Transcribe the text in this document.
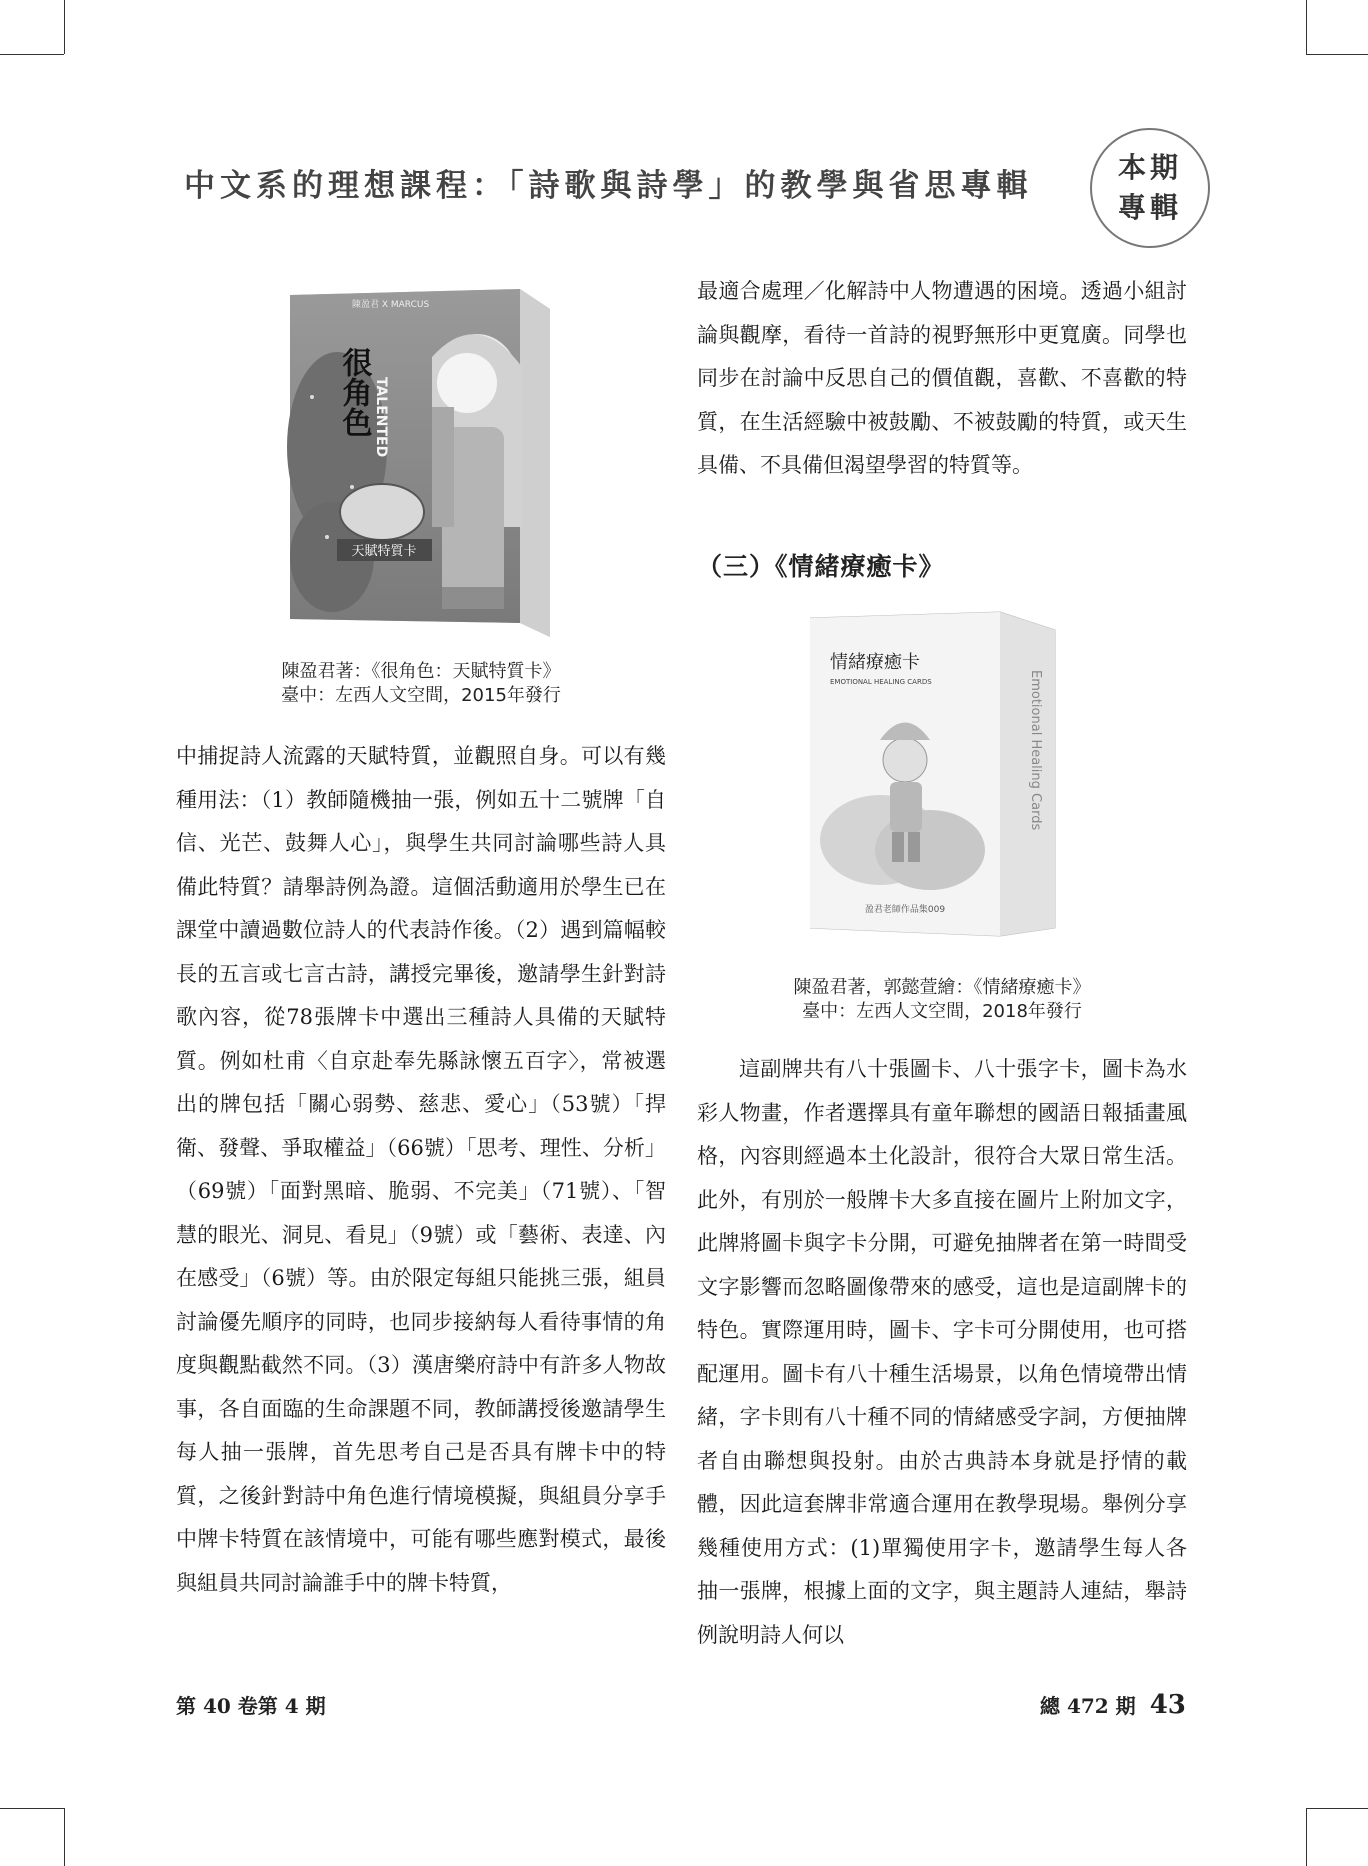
中文系的理想課程：「詩歌與詩學」的教學與省思專輯
本期
專輯
TALENTED
很角色
陳盈君 X MARCUS
天賦特質卡
陳盈君著：《很角色：天賦特質卡》
臺中：左西人文空間，2015年發行

中捕捉詩人流露的天賦特質，並觀照自身。可以有幾種用法：（1）教師隨機抽一張，例如五十二號牌「自信、光芒、鼓舞人心」，與學生共同討論哪些詩人具備此特質？請舉詩例為證。這個活動適用於學生已在課堂中讀過數位詩人的代表詩作後。（2）遇到篇幅較長的五言或七言古詩，講授完畢後，邀請學生針對詩歌內容，從78張牌卡中選出三種詩人具備的天賦特質。例如杜甫〈自京赴奉先縣詠懷五百字〉，常被選出的牌包括「關心弱勢、慈悲、愛心」（53號）「捍衛、發聲、爭取權益」（66號）「思考、理性、分析」（69號）「面對黑暗、脆弱、不完美」（71號）、「智慧的眼光、洞見、看見」（9號）或「藝術、表達、內在感受」（6號）等。由於限定每組只能挑三張，組員討論優先順序的同時，也同步接納每人看待事情的角度與觀點截然不同。（3）漢唐樂府詩中有許多人物故事，各自面臨的生命課題不同，教師講授後邀請學生每人抽一張牌，首先思考自己是否具有牌卡中的特質，之後針對詩中角色進行情境模擬，與組員分享手中牌卡特質在該情境中，可能有哪些應對模式，最後與組員共同討論誰手中的牌卡特質，

最適合處理／化解詩中人物遭遇的困境。透過小組討論與觀摩，看待一首詩的視野無形中更寬廣。同學也同步在討論中反思自己的價值觀，喜歡、不喜歡的特質，在生活經驗中被鼓勵、不被鼓勵的特質，或天生具備、不具備但渴望學習的特質等。

（三）《情緒療癒卡》
情緒療癒卡
EMOTIONAL HEALING CARDS
盈君老師作品集009
Emotional Healing Cards
陳盈君著，郭懿萱繪：《情緒療癒卡》
臺中：左西人文空間，2018年發行

這副牌共有八十張圖卡、八十張字卡，圖卡為水彩人物畫，作者選擇具有童年聯想的國語日報插畫風格，內容則經過本土化設計，很符合大眾日常生活。此外，有別於一般牌卡大多直接在圖片上附加文字，此牌將圖卡與字卡分開，可避免抽牌者在第一時間受文字影響而忽略圖像帶來的感受，這也是這副牌卡的特色。實際運用時，圖卡、字卡可分開使用，也可搭配運用。圖卡有八十種生活場景，以角色情境帶出情緒，字卡則有八十種不同的情緒感受字詞，方便抽牌者自由聯想與投射。由於古典詩本身就是抒情的載體，因此這套牌非常適合運用在教學現場。舉例分享幾種使用方式：(1)單獨使用字卡，邀請學生每人各抽一張牌，根據上面的文字，與主題詩人連結，舉詩例說明詩人何以

第 40 卷第 4 期	總 472 期 43
